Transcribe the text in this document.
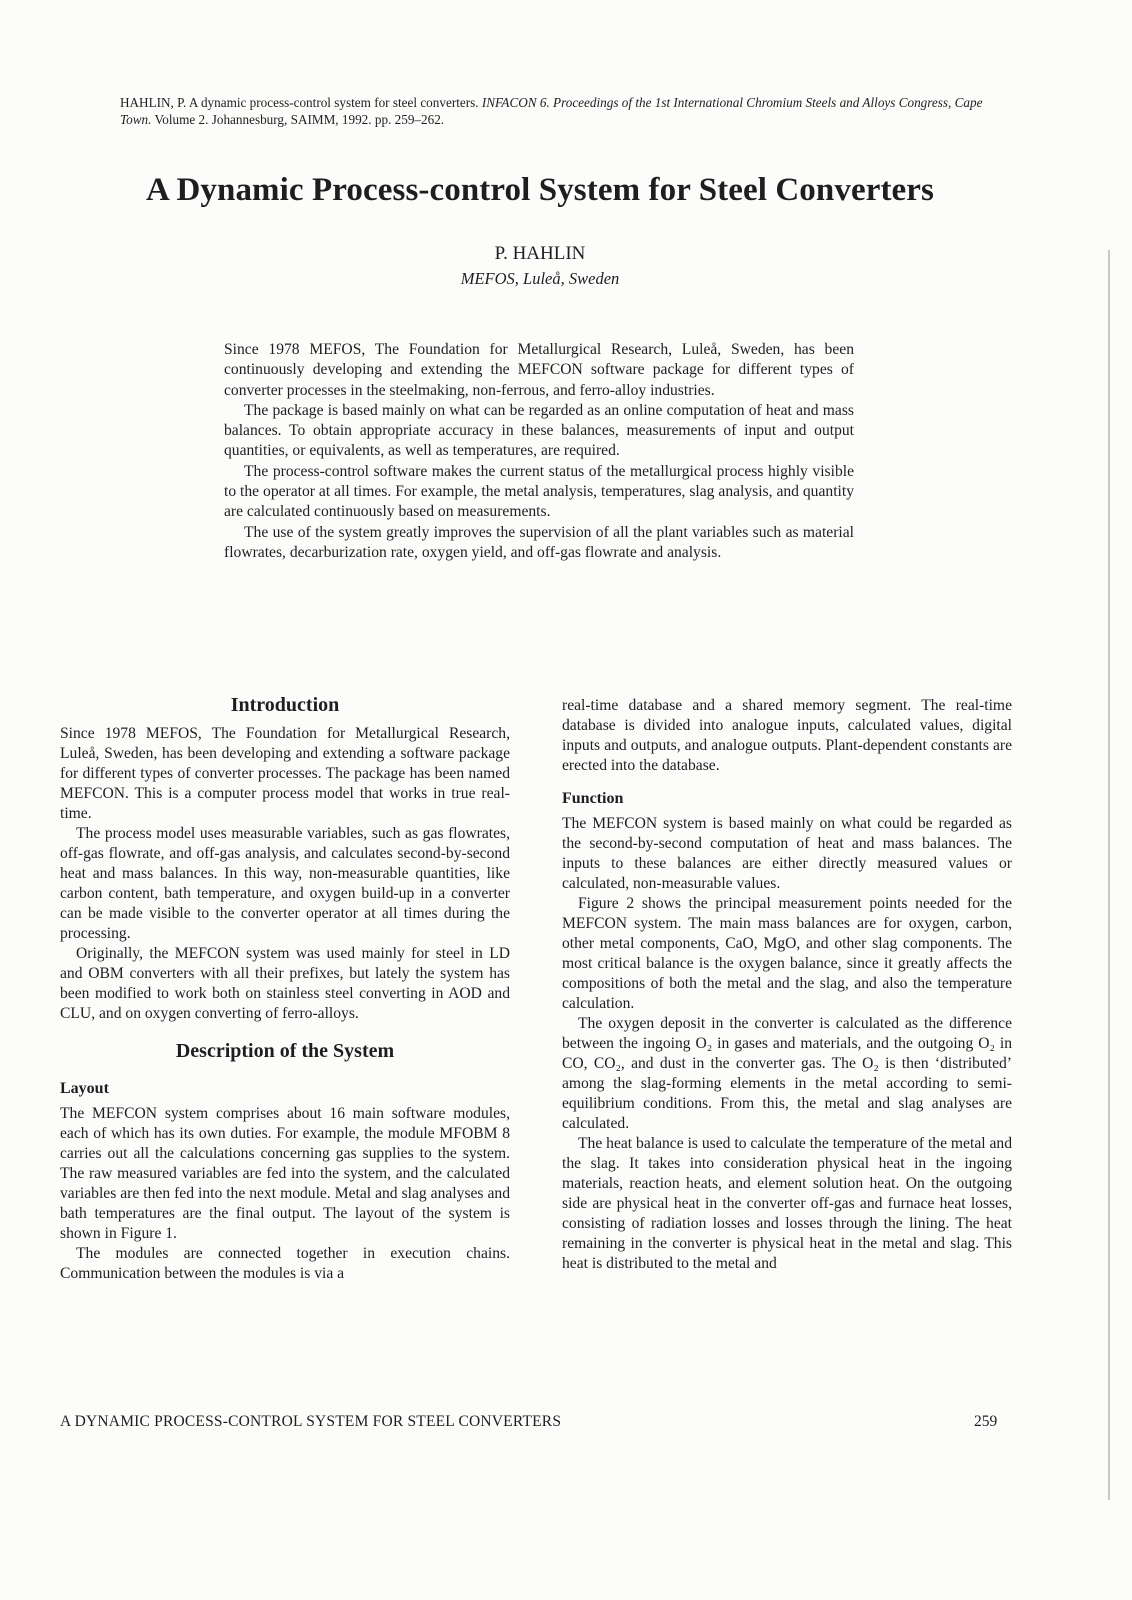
HAHLIN, P. A dynamic process-control system for steel converters. INFACON 6. Proceedings of the 1st International Chromium Steels and Alloys Congress, Cape Town. Volume 2. Johannesburg, SAIMM, 1992. pp. 259–262.
A Dynamic Process-control System for Steel Converters
P. HAHLIN
MEFOS, Luleå, Sweden

Since 1978 MEFOS, The Foundation for Metallurgical Research, Luleå, Sweden, has been continuously developing and extending the MEFCON software package for different types of converter processes in the steelmaking, non-ferrous, and ferro-alloy industries.

The package is based mainly on what can be regarded as an online computation of heat and mass balances. To obtain appropriate accuracy in these balances, measurements of input and output quantities, or equivalents, as well as temperatures, are required.

The process-control software makes the current status of the metallurgical process highly visible to the operator at all times. For example, the metal analysis, temperatures, slag analysis, and quantity are calculated continuously based on measurements.

The use of the system greatly improves the supervision of all the plant variables such as material flowrates, decarburization rate, oxygen yield, and off-gas flowrate and analysis.

Introduction

Since 1978 MEFOS, The Foundation for Metallurgical Research, Luleå, Sweden, has been developing and extending a software package for different types of converter processes. The package has been named MEFCON. This is a computer process model that works in true real-time.

The process model uses measurable variables, such as gas flowrates, off-gas flowrate, and off-gas analysis, and calculates second-by-second heat and mass balances. In this way, non-measurable quantities, like carbon content, bath temperature, and oxygen build-up in a converter can be made visible to the converter operator at all times during the processing.

Originally, the MEFCON system was used mainly for steel in LD and OBM converters with all their prefixes, but lately the system has been modified to work both on stainless steel converting in AOD and CLU, and on oxygen converting of ferro-alloys.

Description of the System
Layout

The MEFCON system comprises about 16 main software modules, each of which has its own duties. For example, the module MFOBM 8 carries out all the calculations concerning gas supplies to the system. The raw measured variables are fed into the system, and the calculated variables are then fed into the next module. Metal and slag analyses and bath temperatures are the final output. The layout of the system is shown in Figure 1.

The modules are connected together in execution chains. Communication between the modules is via a

real-time database and a shared memory segment. The real-time database is divided into analogue inputs, calculated values, digital inputs and outputs, and analogue outputs. Plant-dependent constants are erected into the database.

Function

The MEFCON system is based mainly on what could be regarded as the second-by-second computation of heat and mass balances. The inputs to these balances are either directly measured values or calculated, non-measurable values.

Figure 2 shows the principal measurement points needed for the MEFCON system. The main mass balances are for oxygen, carbon, other metal components, CaO, MgO, and other slag components. The most critical balance is the oxygen balance, since it greatly affects the compositions of both the metal and the slag, and also the temperature calculation.

The oxygen deposit in the converter is calculated as the difference between the ingoing O₂ in gases and materials, and the outgoing O₂ in CO, CO₂, and dust in the converter gas. The O₂ is then ‘distributed’ among the slag-forming elements in the metal according to semi-equilibrium conditions. From this, the metal and slag analyses are calculated.

The heat balance is used to calculate the temperature of the metal and the slag. It takes into consideration physical heat in the ingoing materials, reaction heats, and element solution heat. On the outgoing side are physical heat in the converter off-gas and furnace heat losses, consisting of radiation losses and losses through the lining. The heat remaining in the converter is physical heat in the metal and slag. This heat is distributed to the metal and

A DYNAMIC PROCESS-CONTROL SYSTEM FOR STEEL CONVERTERS	259
